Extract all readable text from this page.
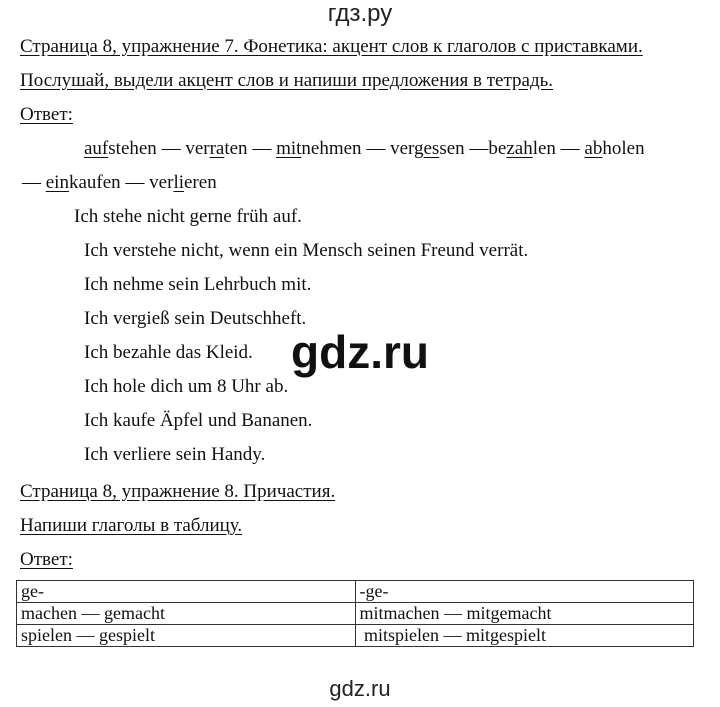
гдз.ру
Страница 8, упражнение 7. Фонетика: акцент слов к глаголов с приставками.
Послушай, выдели акцент слов и напиши предложения в тетрадь.
Ответ:
aufstehen — verraten — mitnehmen — vergessen —bezahlen — abholen
— einkaufen — verlieren
Ich stehe nicht gerne früh auf.
Ich verstehe nicht, wenn ein Mensch seinen Freund verrät.
Ich nehme sein Lehrbuch mit.
Ich vergieß sein Deutschheft.
Ich bezahle das Kleid.
Ich hole dich um 8 Uhr ab.
Ich kaufe Äpfel und Bananen.
Ich verliere sein Handy.
gdz.ru
Страница 8, упражнение 8. Причастия.
Напиши глаголы в таблицу.
Ответ:
ge-	-ge-
machen — gemacht	mitmachen — mitgemacht
spielen — gespielt	mitspielen — mitgespielt
gdz.ru
